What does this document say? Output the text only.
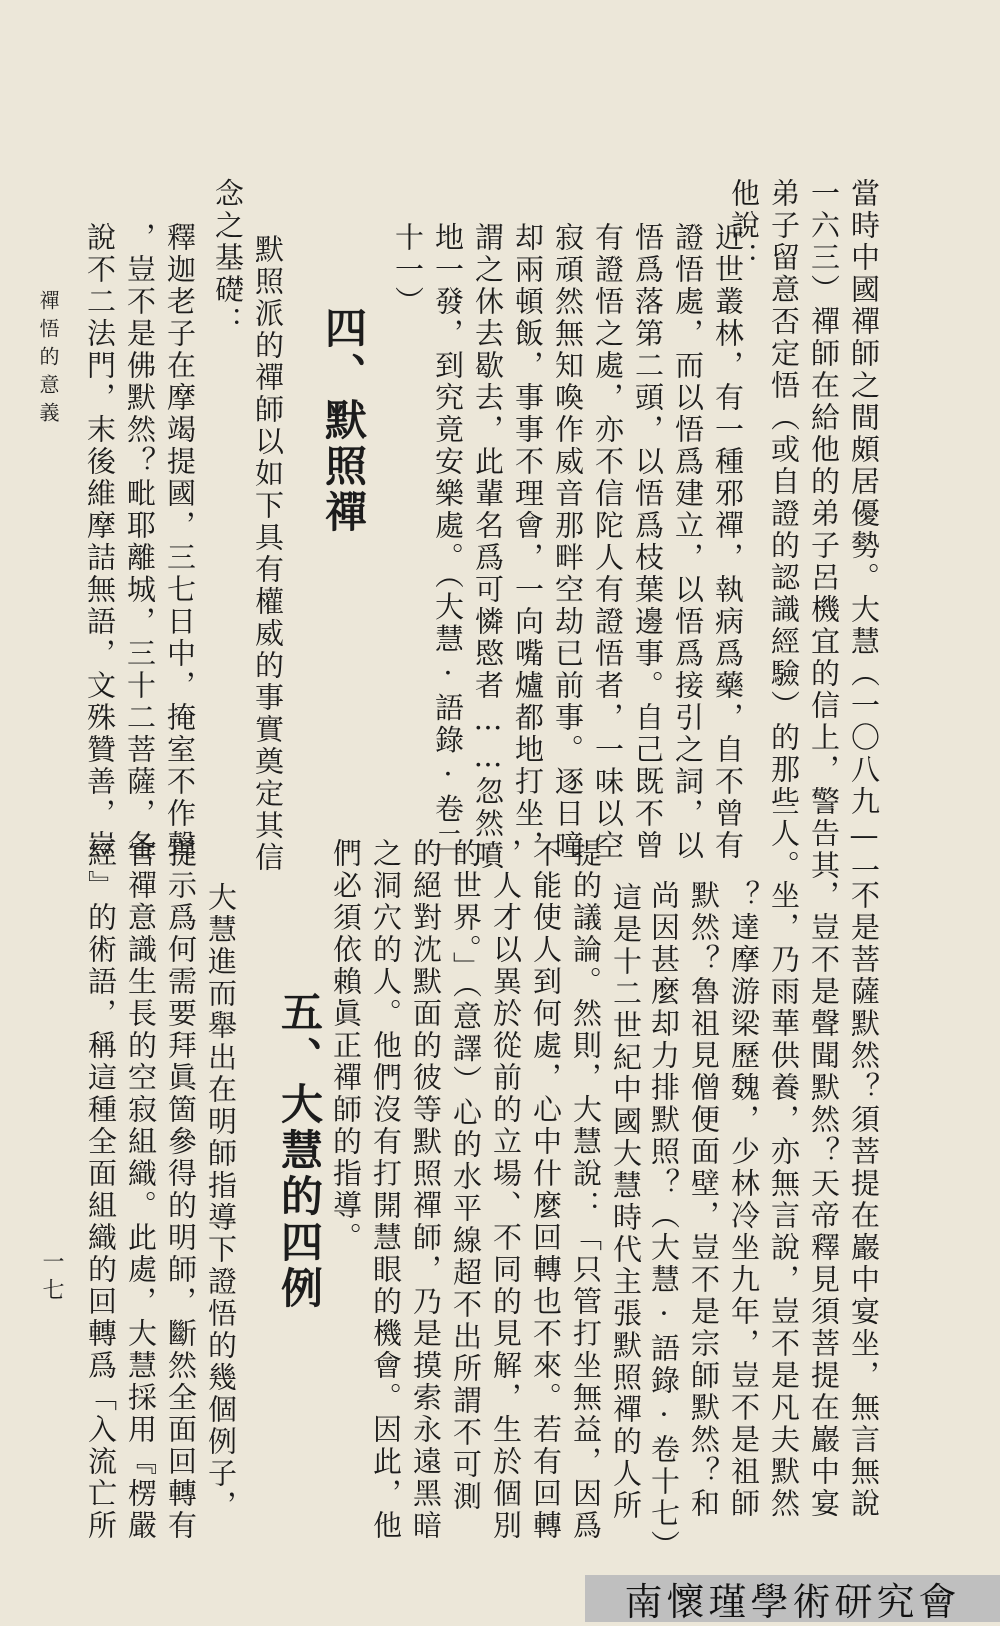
當時中國禪師之間頗居優勢。大慧（一〇八九—一

一六三）禪師在給他的弟子呂機宜的信上，警告其

弟子留意否定悟（或自證的認識經驗）的那些人。

他說：

近世叢林，有一種邪禪，執病爲藥，自不曾有

證悟處，而以悟爲建立，以悟爲接引之詞，以

悟爲落第二頭，以悟爲枝葉邊事。自己既不曾

有證悟之處，亦不信陀人有證悟者，一味以空

寂頑然無知喚作威音那畔空劫已前事。逐日噇

却兩頓飯，事事不理會，一向嘴爐都地打坐，

謂之休去歇去，此輩名爲可憐愍者……忽然噴

地一發，到究竟安樂處。（大慧·語錄·卷二

十一）

四、默照禪

默照派的禪師以如下具有權威的事實奠定其信

念之基礎：

釋迦老子在摩竭提國，三七日中，掩室不作聲

，豈不是佛默然？毗耶離城，三十二菩薩，各

說不二法門，末後維摩詰無語，文殊贊善，豈

禪悟的意義

不是菩薩默然？須菩提在巖中宴坐，無言無說

，豈不是聲聞默然？天帝釋見須菩提在巖中宴

坐，乃雨華供養，亦無言說，豈不是凡夫默然

？達摩游梁歷魏，少林冷坐九年，豈不是祖師

默然？魯祖見僧便面壁，豈不是宗師默然？和

尚因甚麼却力排默照？（大慧·語錄·卷十七）

這是十二世紀中國大慧時代主張默照禪的人所

提的議論。然則，大慧說：「只管打坐無益，因爲

不能使人到何處，心中什麼回轉也不來。若有回轉

，人才以異於從前的立場、不同的見解，生於個別

的世界。」（意譯）心的水平線超不出所謂不可測

的絕對沈默面的彼等默照禪師，乃是摸索永遠黑暗

之洞穴的人。他們沒有打開慧眼的機會。因此，他

們必須依賴眞正禪師的指導。

五、大慧的四例

大慧進而舉出在明師指導下證悟的幾個例子，

提示爲何需要拜眞箇參得的明師，斷然全面回轉有

害禪意識生長的空寂組織。此處，大慧採用『楞嚴

經』的術語，稱這種全面組織的回轉爲「入流亡所

一七
南懷瑾學術研究會
